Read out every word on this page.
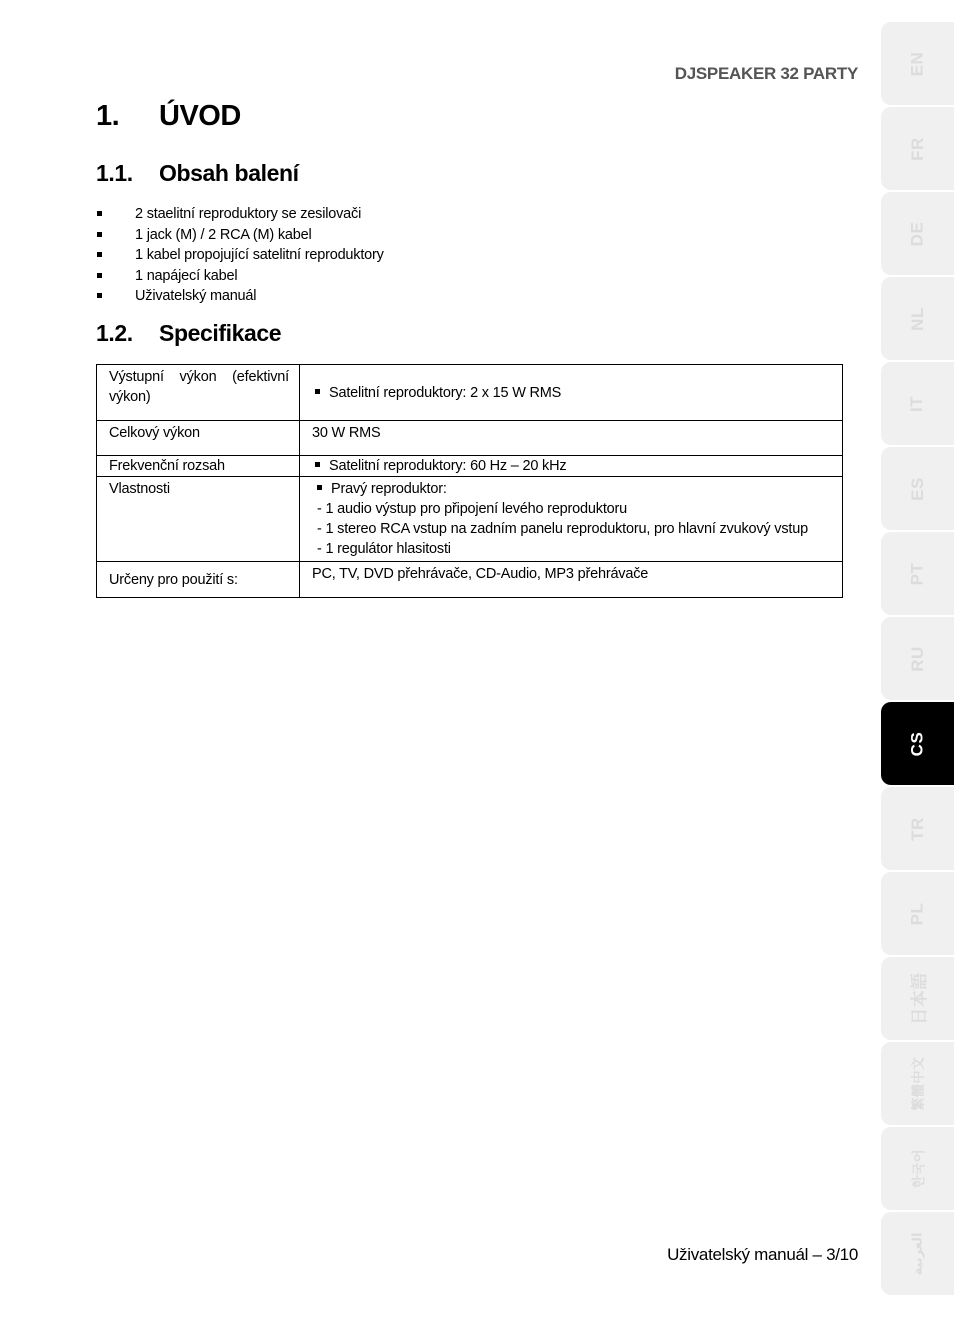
DJSPEAKER 32 PARTY
1. ÚVOD
1.1. Obsah balení
2 staelitní reproduktory se zesilovači
1 jack (M) / 2 RCA (M) kabel
1 kabel propojující satelitní reproduktory
1 napájecí kabel
Uživatelský manuál
1.2. Specifikace
Výstupní výkon (efektivní výkon)	Satelitní reproduktory: 2 x 15 W RMS
Celkový výkon	30 W RMS
Frekvenční rozsah	Satelitní reproduktory: 60 Hz – 20 kHz
Vlastnosti	Pravý reproduktor:
- 1 audio výstup pro připojení levého reproduktoru
- 1 stereo RCA vstup na zadním panelu reproduktoru, pro hlavní zvukový vstup
- 1 regulátor hlasitosti

Určeny pro použití s:	PC, TV, DVD přehrávače, CD-Audio, MP3 přehrávače
Uživatelský manuál – 3/10
EN
FR
DE
NL
IT
ES
PT
RU
CS
TR
PL
日本語
繁體中文
한국어
العربية
